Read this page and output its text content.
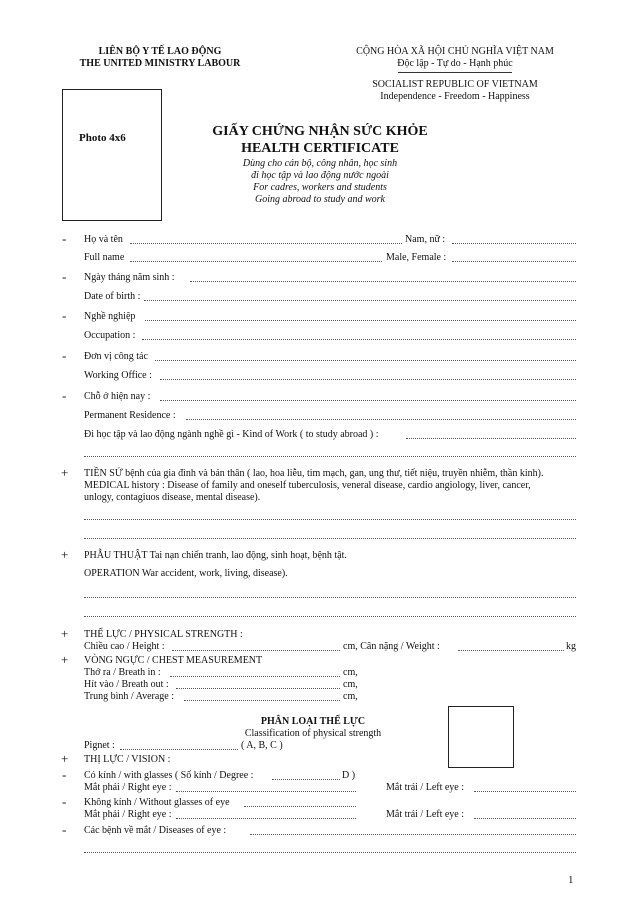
LIÊN BỘ Y TẾ LAO ĐỘNG
THE UNITED MINISTRY LABOUR
CỘNG HÒA XÃ HỘI CHỦ NGHĨA VIỆT NAM
Độc lập - Tự do - Hạnh phúc
SOCIALIST REPUBLIC OF VIETNAM
Independence - Freedom - Happiness
Photo 4x6	GIẤY CHỨNG NHẬN SỨC KHỎE
HEALTH CERTIFICATE
Dùng cho cán bộ, công nhân, học sinh
đi học tập và lao động nước ngoài
For cadres, workers and students
Going abroad to study and work
- Họ và tên	Nam, nữ :
Full name	Male, Female :
- Ngày tháng năm sinh :
Date of birth :
- Nghề nghiệp
Occupation :
- Đơn vị công tác
Working Office :
- Chỗ ở hiện nay :
Permanent Residence :
Đi học tập và lao động ngành nghề gì - Kind of Work ( to study abroad ) :
+ TIỀN SỬ bệnh của gia đình và bản thân ( lao, hoa liễu, tim mạch, gan, ung thư, tiết niệu, truyền nhiễm, thần kinh).
MEDICAL history : Disease of family and oneself tuberculosis, veneral disease, cardio angiology, liver, cancer,
unlogy, contagiuos disease, mental disease).
+ PHẪU THUẬT Tai nạn chiến tranh, lao động, sinh hoạt, bệnh tật.
OPERATION War accident, work, living, disease).
+ THỂ LỰC / PHYSICAL STRENGTH :
Chiều cao / Height :	cm, Cân nặng / Weight :	kg
+ VÒNG NGỰC / CHEST MEASUREMENT
Thở ra / Breath in :	cm,
Hít vào / Breath out :	cm,
Trung bình / Average :	cm,
PHÂN LOẠI THỂ LỰC
Classification of physical strength
Pignet :	( A, B, C )
+ THỊ LỰC / VISION :
- Có kính / with glasses ( Số kính / Degree :	D )
Mắt phải / Right eye :	Mắt trái / Left eye :
- Không kính / Without glasses of eye
Mắt phải / Right eye :	Mắt trái / Left eye :
- Các bệnh về mắt / Diseases of eye :
1
